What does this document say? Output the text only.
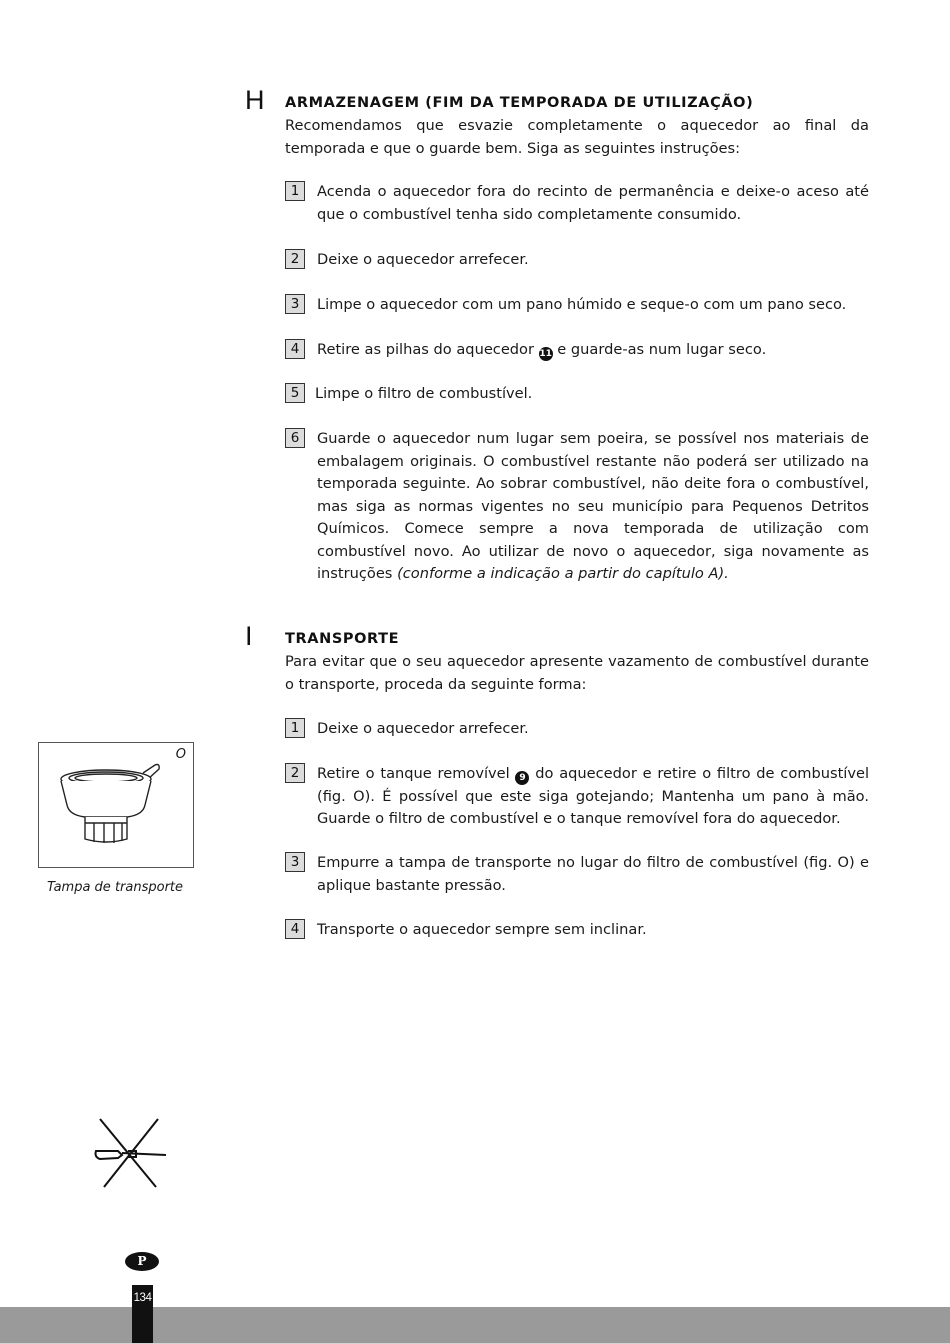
H ARMAZENAGEM (FIM DA TEMPORADA DE UTILIZAÇÃO)
Recomendamos que esvazie completamente o aquecedor ao final da temporada e que o guarde bem. Siga as seguintes instruções:
1	Acenda o aquecedor fora do recinto de permanência e deixe-o aceso até que o combustível tenha sido completamente consumido.
2	Deixe o aquecedor arrefecer.
3	Limpe o aquecedor com um pano húmido e seque-o com um pano seco.
4	Retire as pilhas do aquecedor 11 e guarde-as num lugar seco.
5	Limpe o filtro de combustível.
6	Guarde o aquecedor num lugar sem poeira, se possível nos materiais de embalagem originais. O combustível restante não poderá ser utilizado na temporada seguinte. Ao sobrar combustível, não deite fora o combustível, mas siga as normas vigentes no seu município para Pequenos Detritos Químicos. Comece sempre a nova temporada de utilização com combustível novo. Ao utilizar de novo o aquecedor, siga novamente as instruções (conforme a indicação a partir do capítulo A).
I TRANSPORTE
Para evitar que o seu aquecedor apresente vazamento de combustível durante o transporte, proceda da seguinte forma:
1	Deixe o aquecedor arrefecer.
2	Retire o tanque removível 9 do aquecedor e retire o filtro de combustível (fig. O). É possível que este siga gotejando; Mantenha um pano à mão. Guarde o filtro de combustível e o tanque removível fora do aquecedor.
3	Empurre a tampa de transporte no lugar do filtro de combustível (fig. O) e aplique bastante pressão.
4	Transporte o aquecedor sempre sem inclinar.
O
Tampa de transporte
P
134
